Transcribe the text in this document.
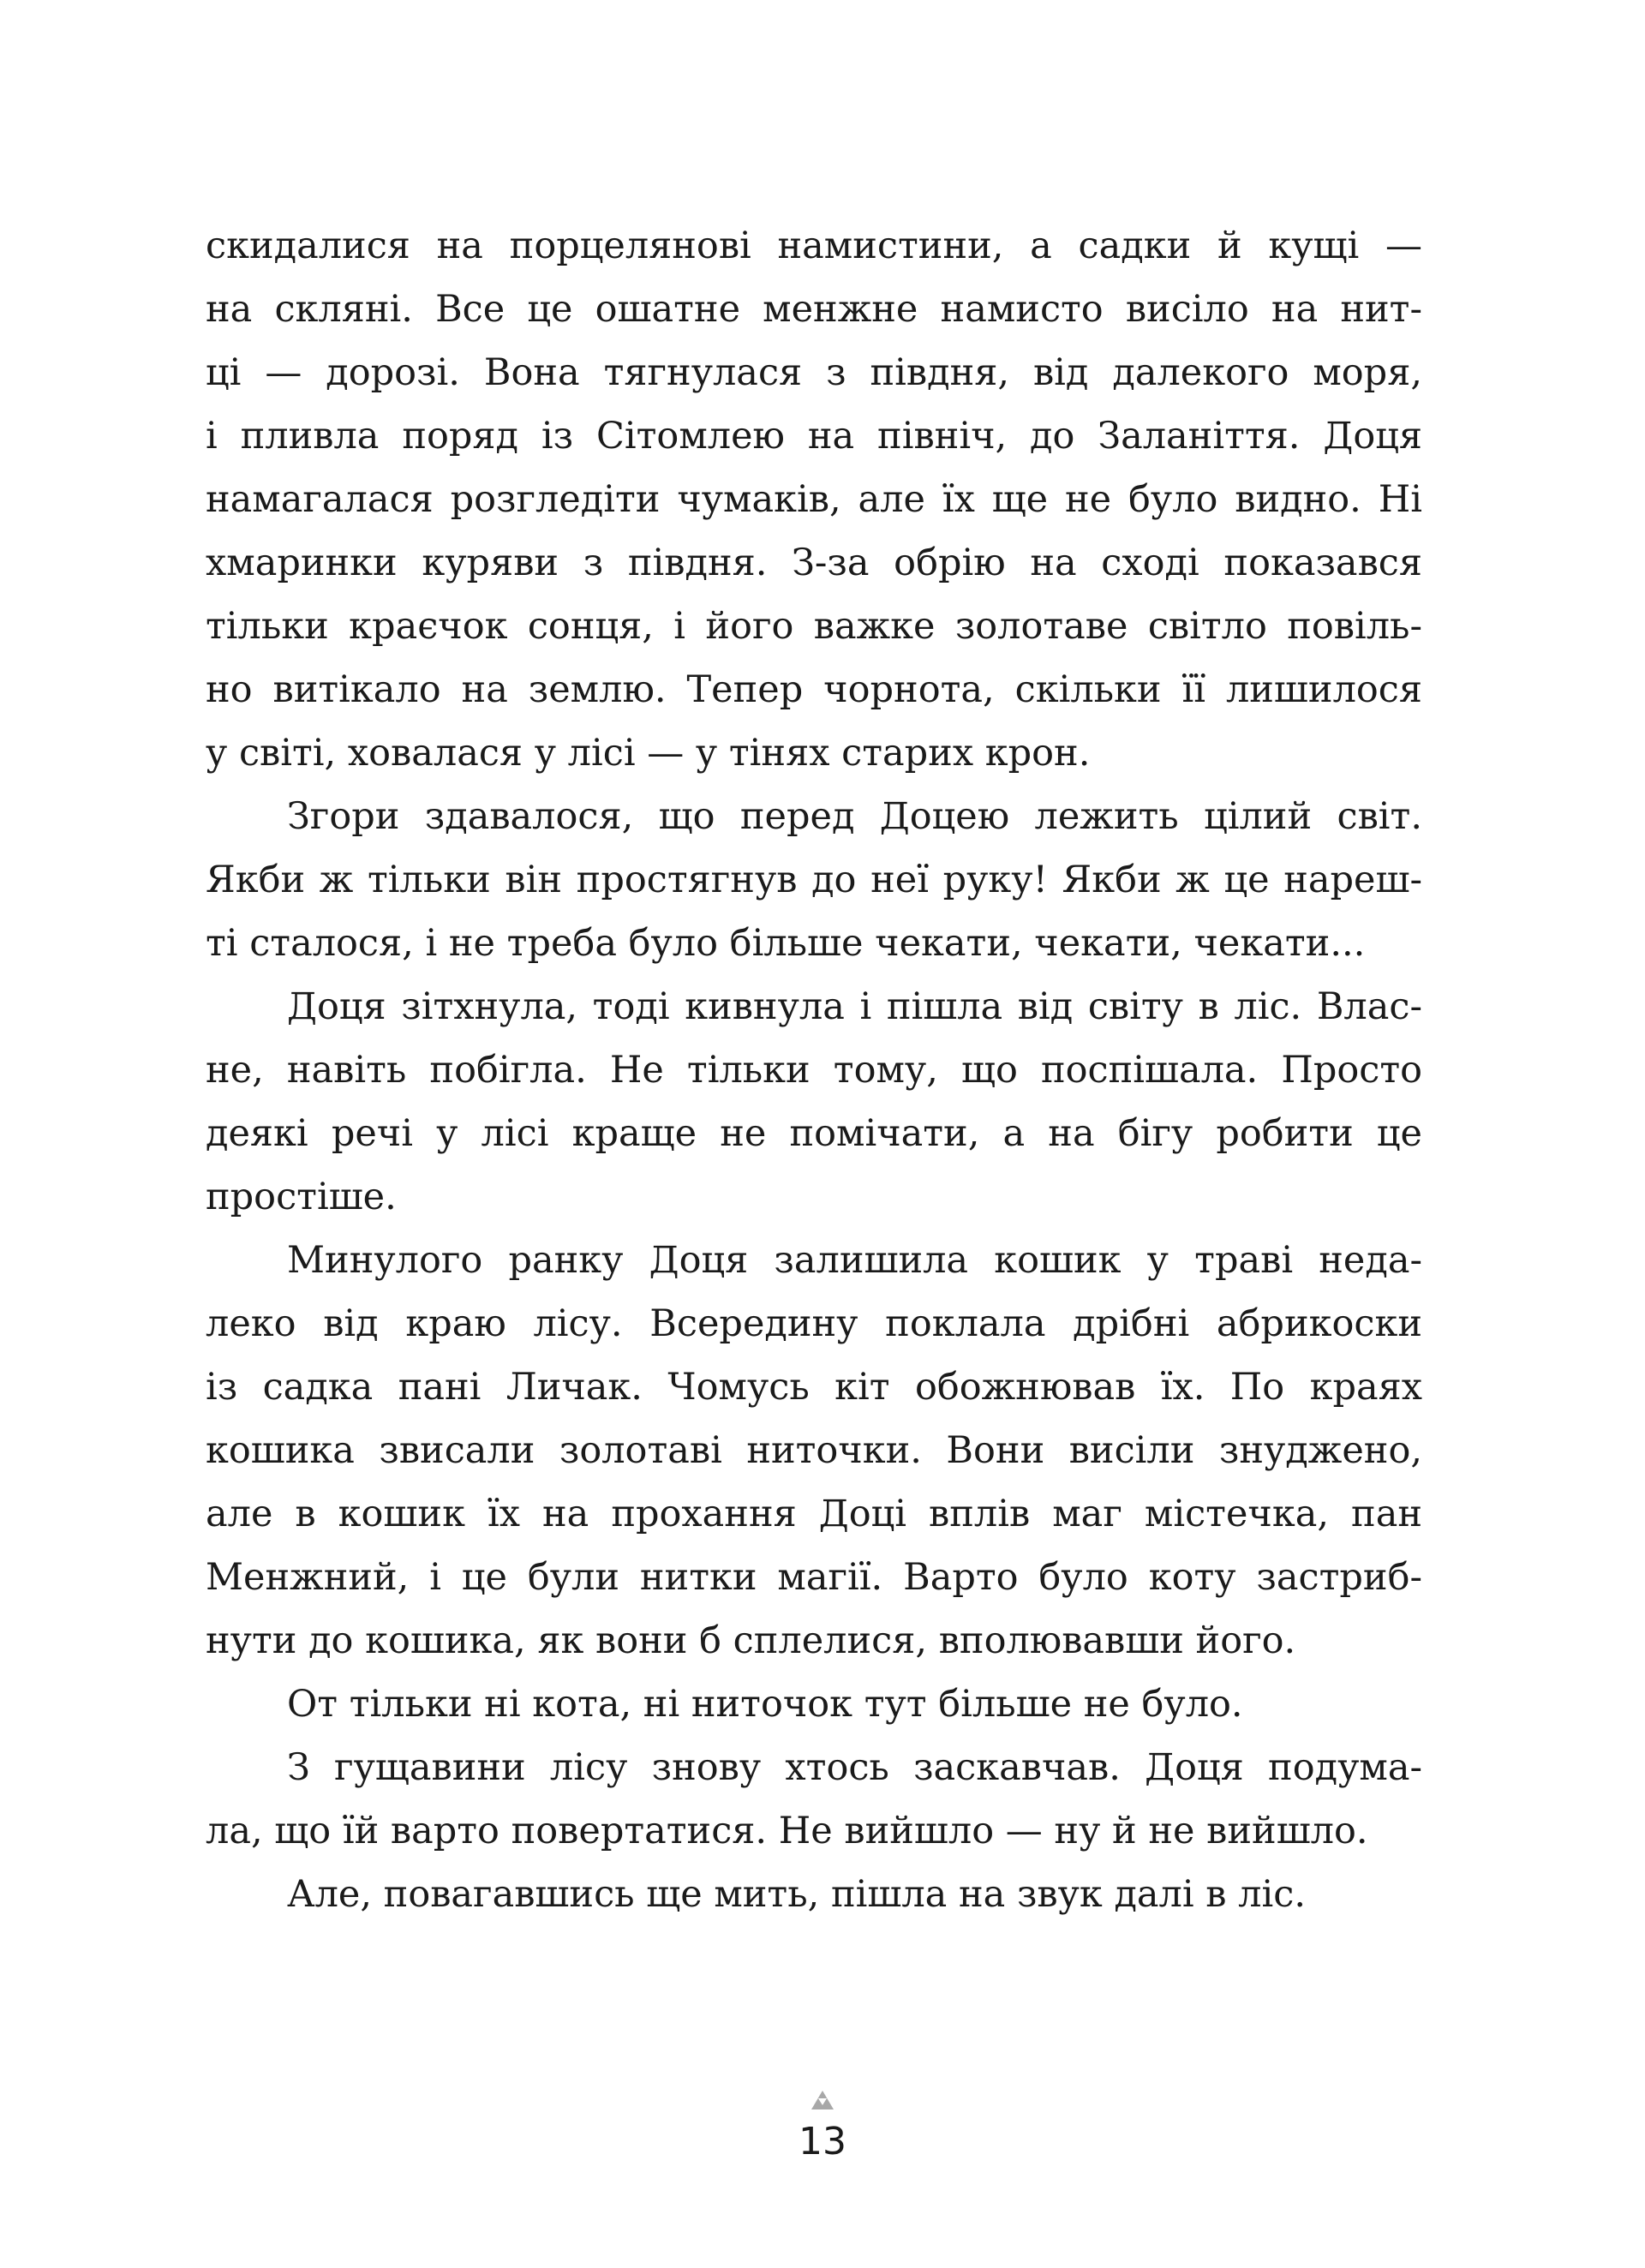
скидалися на порцелянові намистини, а садки й кущі —
на скляні. Все це ошатне менжне намисто висіло на нит-
ці — дорозі. Вона тягнулася з півдня, від далекого моря,
і пливла поряд із Сітомлею на північ, до Заланіття. Доця
намагалася розгледіти чумаків, але їх ще не було видно. Ні
хмаринки куряви з півдня. З-за обрію на сході показався
тільки краєчок сонця, і його важке золотаве світло повіль-
но витікало на землю. Тепер чорнота, скільки її лишилося
у світі, ховалася у лісі — у тінях старих крон.
Згори здавалося, що перед Доцею лежить цілий світ.
Якби ж тільки він простягнув до неї руку! Якби ж це нареш-
ті сталося, і не треба було більше чекати, чекати, чекати...
Доця зітхнула, тоді кивнула і пішла від світу в ліс. Влас-
не, навіть побігла. Не тільки тому, що поспішала. Просто
деякі речі у лісі краще не помічати, а на бігу робити це
простіше.
Минулого ранку Доця залишила кошик у траві неда-
леко від краю лісу. Всередину поклала дрібні абрикоски
із садка пані Личак. Чомусь кіт обожнював їх. По краях
кошика звисали золотаві ниточки. Вони висіли знуджено,
але в кошик їх на прохання Доці вплів маг містечка, пан
Менжний, і це були нитки магії. Варто було коту застриб-
нути до кошика, як вони б сплелися, вполювавши його.
От тільки ні кота, ні ниточок тут більше не було.
З гущавини лісу знову хтось заскавчав. Доця подума-
ла, що їй варто повертатися. Не вийшло — ну й не вийшло.
Але, повагавшись ще мить, пішла на звук далі в ліс.
13
